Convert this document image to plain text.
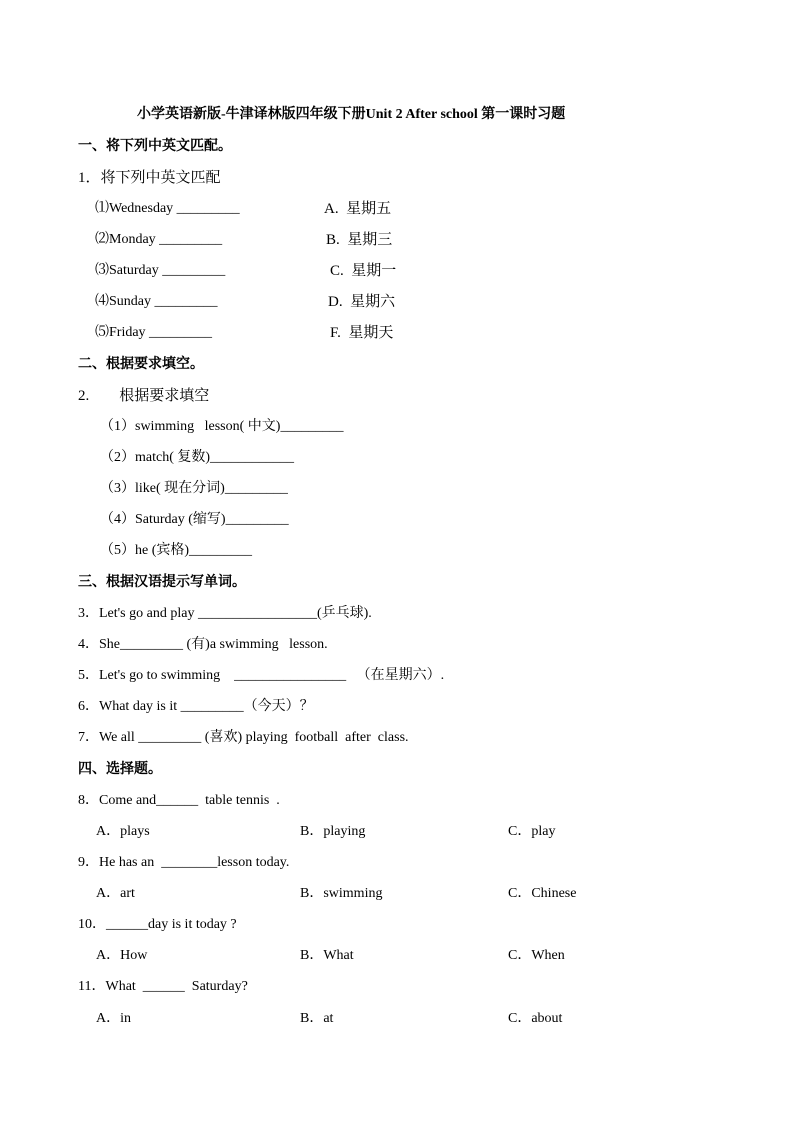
小学英语新版-牛津译林版四年级下册Unit 2 After school 第一课时习题
一、将下列中英文匹配。
1．将下列中英文匹配
⑴Wednesday _________	A.  星期五
⑵Monday _________	B.  星期三
⑶Saturday _________	C.  星期一
⑷Sunday _________	D.  星期六
⑸Friday _________	F.  星期天
二、根据要求填空。
2.        根据要求填空
（1）swimming   lesson( 中文)_________
（2）match( 复数)____________
（3）like( 现在分词)_________
（4）Saturday (缩写)_________
（5）he (宾格)_________
三、根据汉语提示写单词。
3．Let's go and play _________________(乒乓球).
4．She_________ (有)a swimming   lesson.
5．Let's go to swimming    ________________   （在星期六）.
6．What day is it _________（今天）？
7．We all _________ (喜欢) playing  football  after  class.
四、选择题。
8．Come and______  table tennis  .
A．plays	B．playing	C．play
9．He has an  ________lesson today.
A．art	B．swimming	C．Chinese
10．______day is it today ?
A．How	B．What	C．When
11．What  ______  Saturday?
A．in	B．at	C．about
